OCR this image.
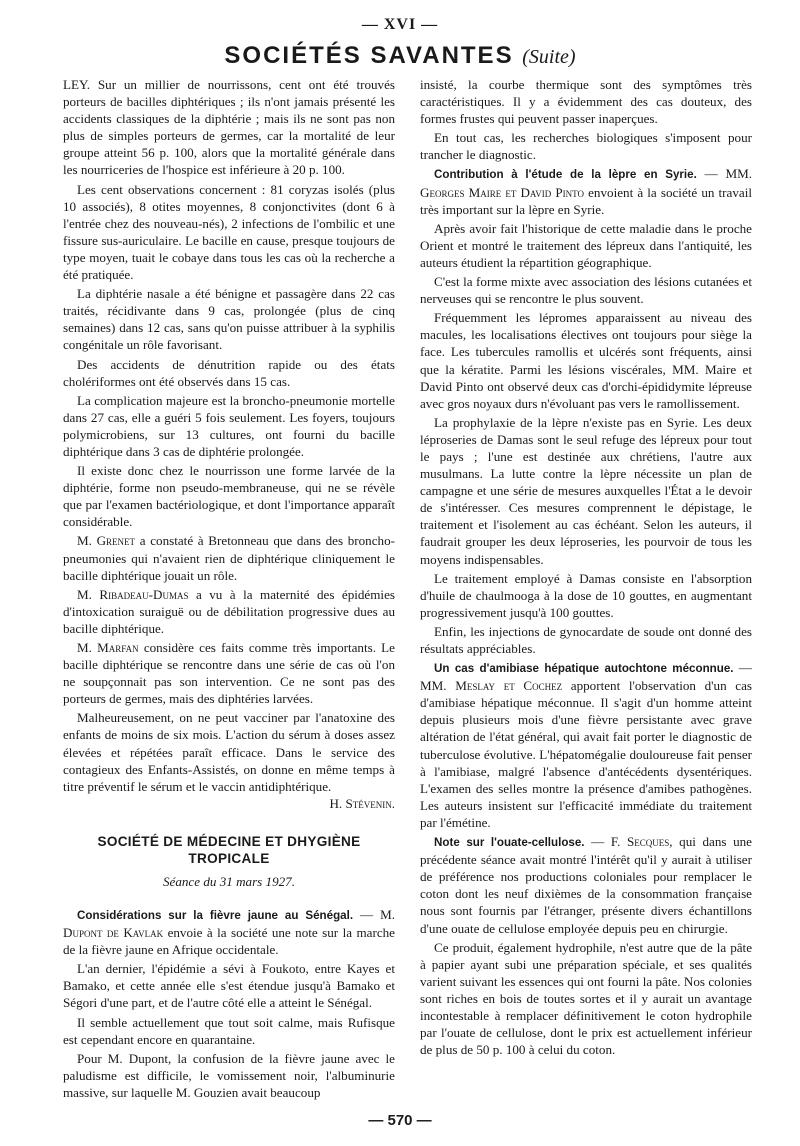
— XVI —
SOCIÉTÉS SAVANTES (Suite)

LEY. Sur un millier de nourrissons, cent ont été trouvés porteurs de bacilles diphtériques ; ils n'ont jamais présenté les accidents classiques de la diphtérie ; mais ils ne sont pas non plus de simples porteurs de germes, car la mortalité de leur groupe atteint 56 p. 100, alors que la mortalité générale dans les nourriceries de l'hospice est inférieure à 20 p. 100.

Les cent observations concernent : 81 coryzas isolés (plus 10 associés), 8 otites moyennes, 8 conjonctivites (dont 6 à l'entrée chez des nouveau-nés), 2 infections de l'ombilic et une fissure sus-auriculaire. Le bacille en cause, presque toujours de type moyen, tuait le cobaye dans tous les cas où la recherche a été pratiquée.

La diphtérie nasale a été bénigne et passagère dans 22 cas traités, récidivante dans 9 cas, prolongée (plus de cinq semaines) dans 12 cas, sans qu'on puisse attribuer à la syphilis congénitale un rôle favorisant.

Des accidents de dénutrition rapide ou des états cholériformes ont été observés dans 15 cas.

La complication majeure est la broncho-pneumonie mortelle dans 27 cas, elle a guéri 5 fois seulement. Les foyers, toujours polymicrobiens, sur 13 cultures, ont fourni du bacille diphtérique dans 3 cas de diphtérie prolongée.

Il existe donc chez le nourrisson une forme larvée de la diphtérie, forme non pseudo-membraneuse, qui ne se révèle que par l'examen bactériologique, et dont l'importance apparaît considérable.

M. Grenet a constaté à Bretonneau que dans des broncho-pneumonies qui n'avaient rien de diphtérique cliniquement le bacille diphtérique jouait un rôle.

M. Ribadeau-Dumas a vu à la maternité des épidémies d'intoxication suraiguë ou de débilitation progressive dues au bacille diphtérique.

M. Marfan considère ces faits comme très importants. Le bacille diphtérique se rencontre dans une série de cas où l'on ne soupçonnait pas son intervention. Ce ne sont pas des porteurs de germes, mais des diphtéries larvées.

Malheureusement, on ne peut vacciner par l'anatoxine des enfants de moins de six mois. L'action du sérum à doses assez élevées et répétées paraît efficace. Dans le service des contagieux des Enfants-Assistés, on donne en même temps à titre préventif le sérum et le vaccin antidiphtérique.
H. Stévenin.

SOCIÉTÉ DE MÉDECINE ET DHYGIÈNE
TROPICALE
Séance du 31 mars 1927.

Considérations sur la fièvre jaune au Sénégal. — M. Dupont de Kavlak envoie à la société une note sur la marche de la fièvre jaune en Afrique occidentale.

L'an dernier, l'épidémie a sévi à Foukoto, entre Kayes et Bamako, et cette année elle s'est étendue jusqu'à Bamako et Ségori d'une part, et de l'autre côté elle a atteint le Sénégal.

Il semble actuellement que tout soit calme, mais Rufisque est cependant encore en quarantaine.

Pour M. Dupont, la confusion de la fièvre jaune avec le paludisme est difficile, le vomissement noir, l'albuminurie massive, sur laquelle M. Gouzien avait beaucoup

insisté, la courbe thermique sont des symptômes très caractéristiques. Il y a évidemment des cas douteux, des formes frustes qui peuvent passer inaperçues.

En tout cas, les recherches biologiques s'imposent pour trancher le diagnostic.

Contribution à l'étude de la lèpre en Syrie. — MM. Georges Maire et David Pinto envoient à la société un travail très important sur la lèpre en Syrie.

Après avoir fait l'historique de cette maladie dans le proche Orient et montré le traitement des lépreux dans l'antiquité, les auteurs étudient la répartition géographique.

C'est la forme mixte avec association des lésions cutanées et nerveuses qui se rencontre le plus souvent.

Fréquemment les lépromes apparaissent au niveau des macules, les localisations électives ont toujours pour siège la face. Les tubercules ramollis et ulcérés sont fréquents, ainsi que la kératite. Parmi les lésions viscérales, MM. Maire et David Pinto ont observé deux cas d'orchi-épididymite lépreuse avec gros noyaux durs n'évoluant pas vers le ramollissement.

La prophylaxie de la lèpre n'existe pas en Syrie. Les deux léproseries de Damas sont le seul refuge des lépreux pour tout le pays ; l'une est destinée aux chrétiens, l'autre aux musulmans. La lutte contre la lèpre nécessite un plan de campagne et une série de mesures auxquelles l'État a le devoir de s'intéresser. Ces mesures comprennent le dépistage, le traitement et l'isolement au cas échéant. Selon les auteurs, il faudrait grouper les deux léproseries, les pourvoir de tous les moyens indispensables.

Le traitement employé à Damas consiste en l'absorption d'huile de chaulmooga à la dose de 10 gouttes, en augmentant progressivement jusqu'à 100 gouttes.

Enfin, les injections de gynocardate de soude ont donné des résultats appréciables.

Un cas d'amibiase hépatique autochtone méconnue. — MM. Meslay et Cochez apportent l'observation d'un cas d'amibiase hépatique méconnue. Il s'agit d'un homme atteint depuis plusieurs mois d'une fièvre persistante avec grave altération de l'état général, qui avait fait porter le diagnostic de tuberculose évolutive. L'hépatomégalie douloureuse fait penser à l'amibiase, malgré l'absence d'antécédents dysentériques. L'examen des selles montre la présence d'amibes pathogènes. Les auteurs insistent sur l'efficacité immédiate du traitement par l'émétine.

Note sur l'ouate-cellulose. — F. Secques, qui dans une précédente séance avait montré l'intérêt qu'il y aurait à utiliser de préférence nos productions coloniales pour remplacer le coton dont les neuf dixièmes de la consommation française nous sont fournis par l'étranger, présente divers échantillons d'une ouate de cellulose employée depuis peu en chirurgie.

Ce produit, également hydrophile, n'est autre que de la pâte à papier ayant subi une préparation spéciale, et ses qualités varient suivant les essences qui ont fourni la pâte. Nos colonies sont riches en bois de toutes sortes et il y aurait un avantage incontestable à remplacer définitivement le coton hydrophile par l'ouate de cellulose, dont le prix est actuellement inférieur de plus de 50 p. 100 à celui du coton.

— 570 —
